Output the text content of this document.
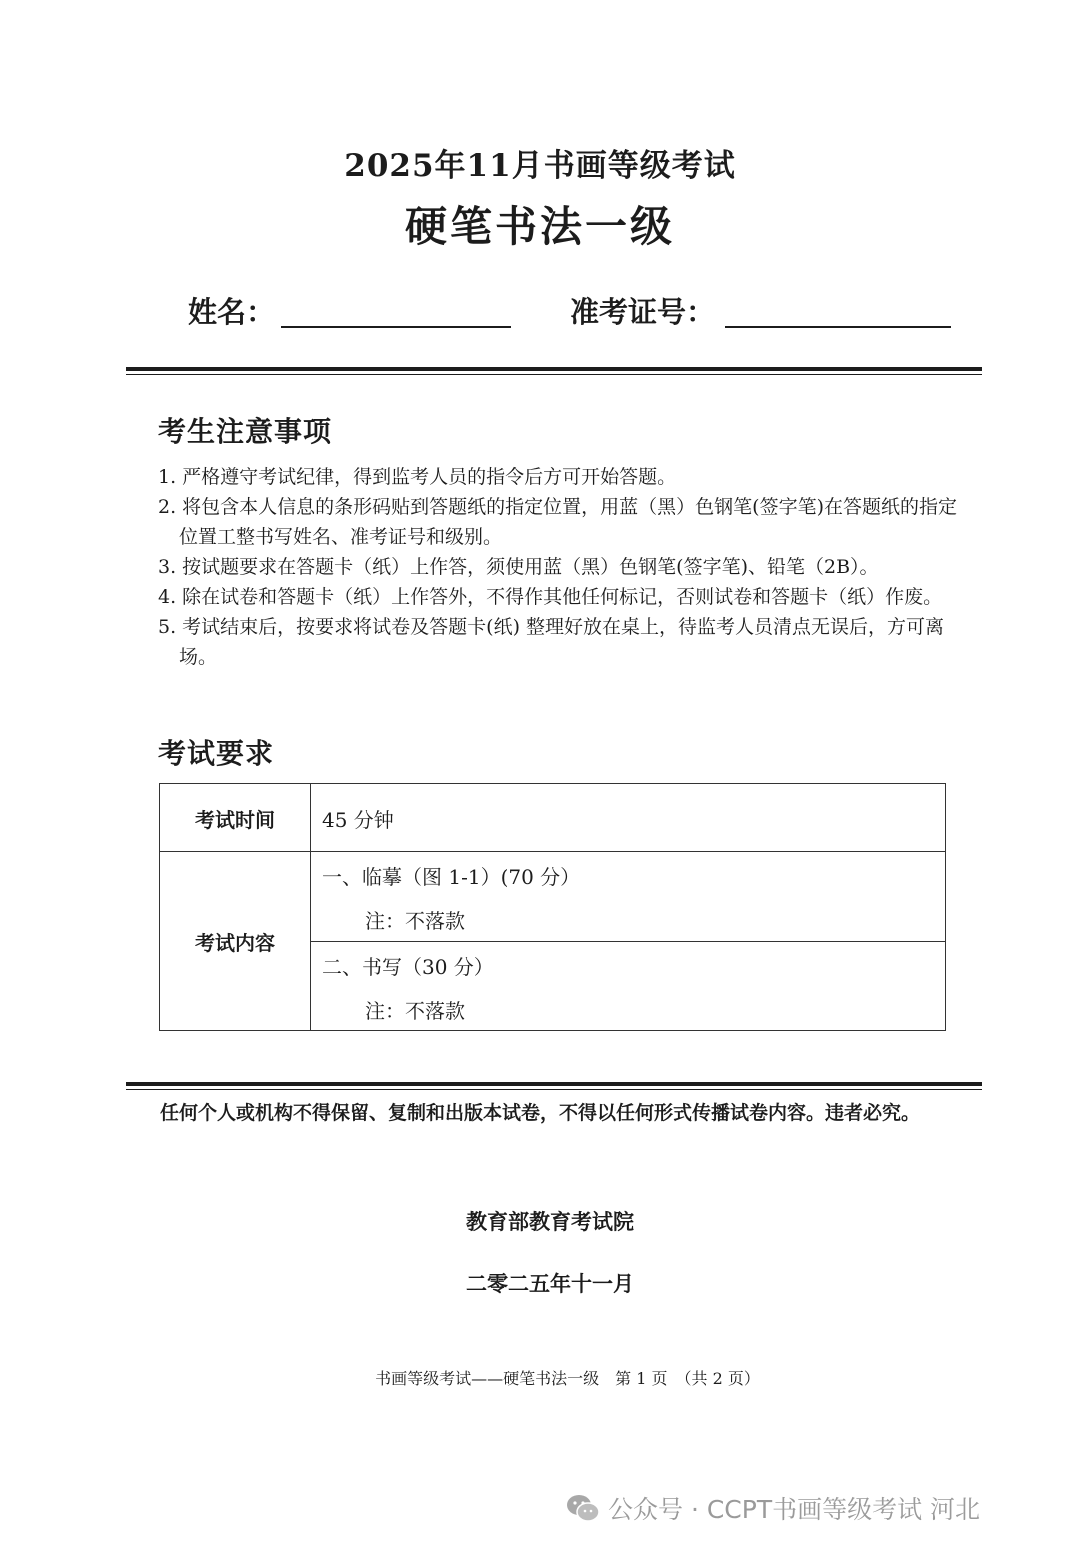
2025年11月书画等级考试
硬笔书法一级
姓名：	准考证号：
考生注意事项
1. 严格遵守考试纪律，得到监考人员的指令后方可开始答题。
2. 将包含本人信息的条形码贴到答题纸的指定位置，用蓝（黑）色钢笔(签字笔)在答题纸的指定位置工整书写姓名、准考证号和级别。
3. 按试题要求在答题卡（纸）上作答，须使用蓝（黑）色钢笔(签字笔)、铅笔（2B）。
4. 除在试卷和答题卡（纸）上作答外，不得作其他任何标记，否则试卷和答题卡（纸）作废。
5. 考试结束后，按要求将试卷及答题卡(纸) 整理好放在桌上，待监考人员清点无误后，方可离场。
考试要求
考试时间	45 分钟
考试内容
一、临摹（图 1-1）(70 分）
注：不落款
二、书写（30 分）
注：不落款
任何个人或机构不得保留、复制和出版本试卷，不得以任何形式传播试卷内容。违者必究。
教育部教育考试院
二零二五年十一月
书画等级考试——硬笔书法一级　第 1 页　（共 2 页）
公众号 · CCPT书画等级考试 河北
